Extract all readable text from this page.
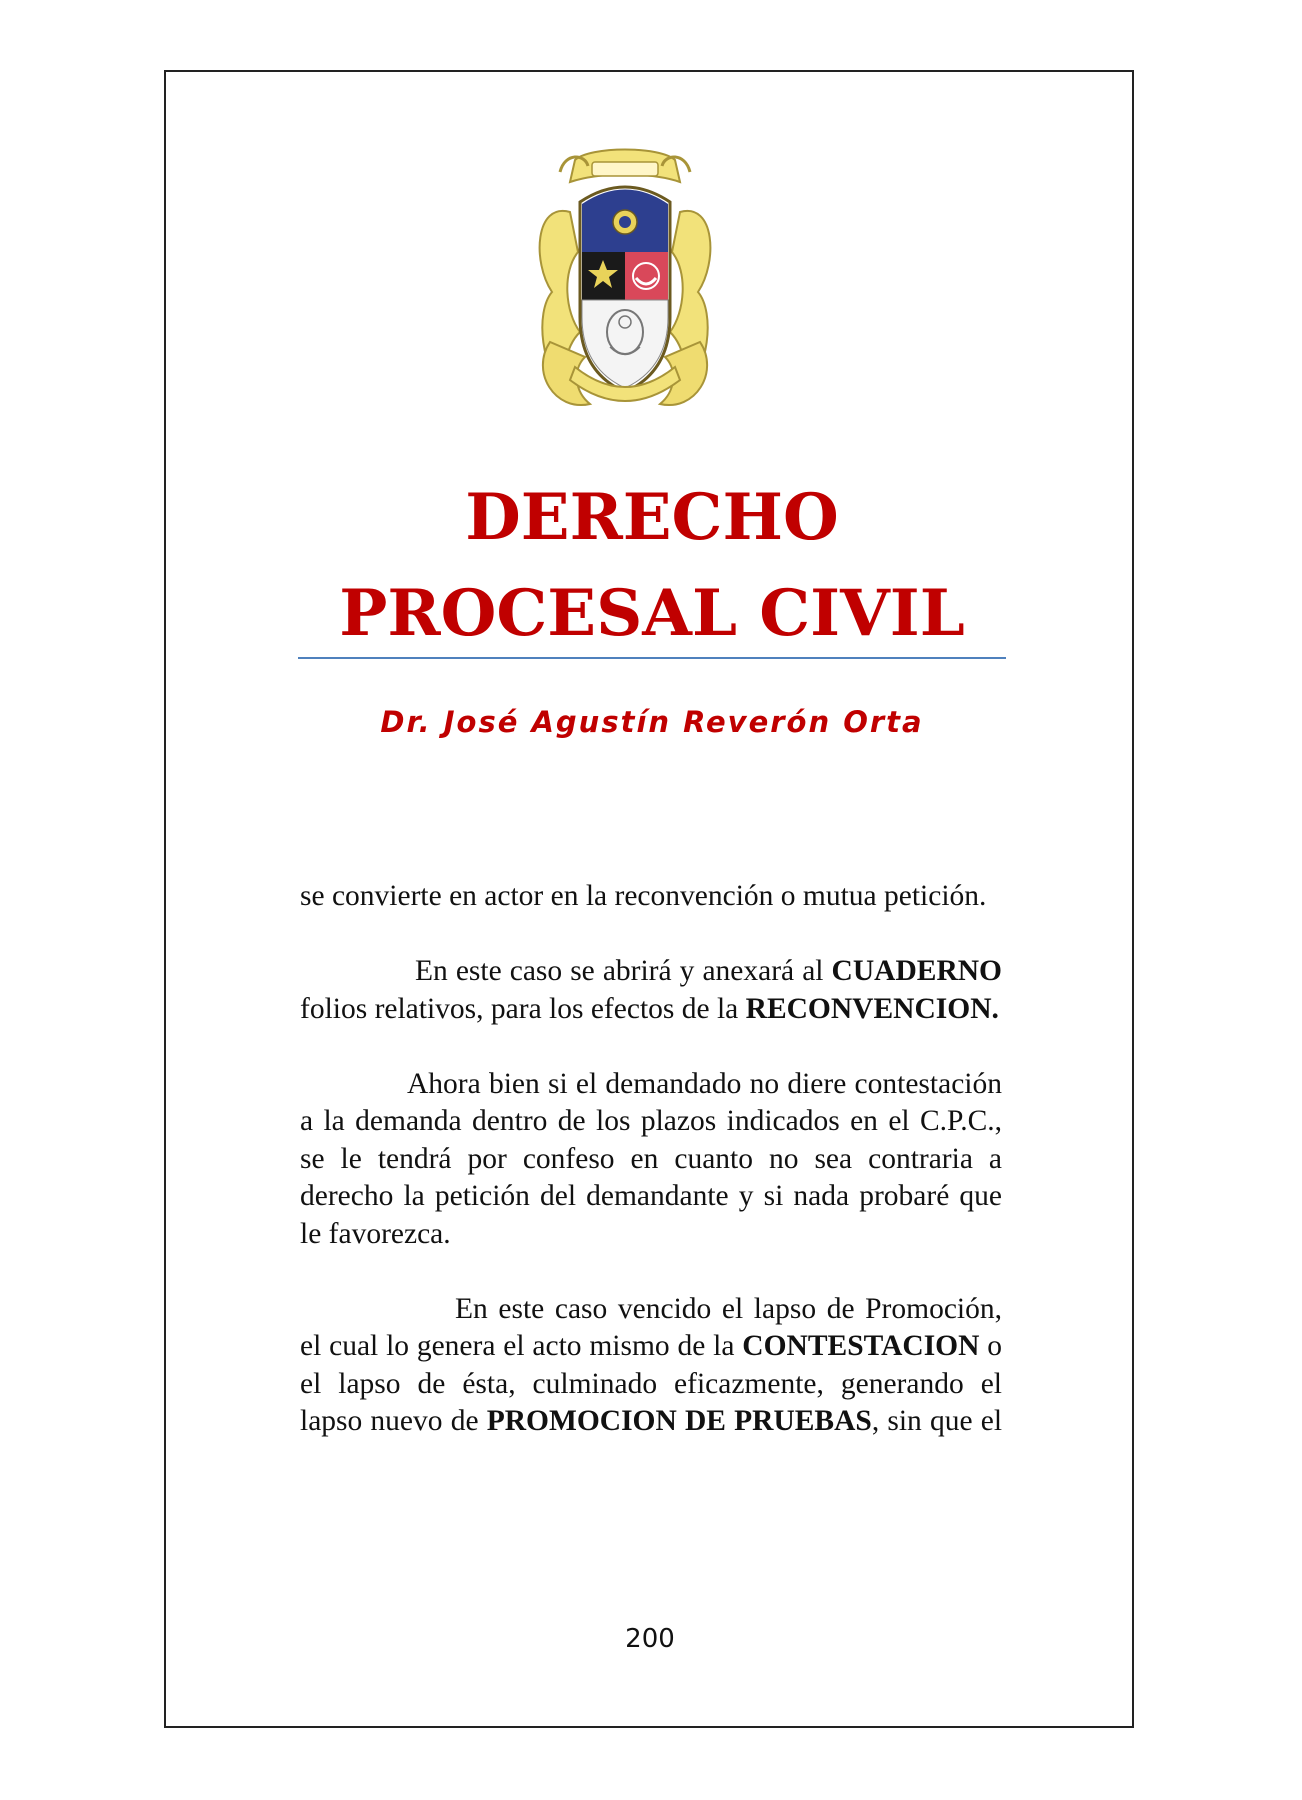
DERECHO
PROCESAL CIVIL

Dr. José Agustín Reverón Orta

se convierte en actor en la reconvención o mutua petición.

En este caso se abrirá y anexará al CUADERNO folios relativos, para los efectos de la RECONVENCION.

Ahora bien si el demandado no diere contestación a la demanda dentro de los plazos indicados en el C.P.C., se le tendrá por confeso en cuanto no sea contraria a derecho la petición del demandante y si nada probaré que le favorezca.

En este caso vencido el lapso de Promoción, el cual lo genera el acto mismo de la CONTESTACION o el lapso de ésta, culminado eficazmente, generando el lapso nuevo de PROMOCION DE PRUEBAS, sin que el

200
